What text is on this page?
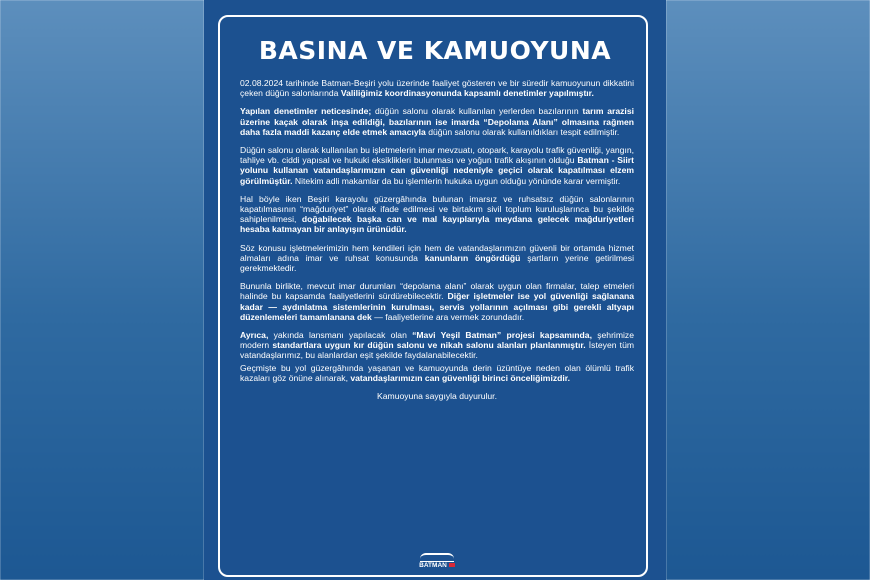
BASINA VE KAMUOYUNA

02.08.2024 tarihinde Batman-Beşiri yolu üzerinde faaliyet gösteren ve bir süredir kamuoyunun dikkatini çeken düğün salonlarında Valiliğimiz koordinasyonunda kapsamlı denetimler yapılmıştır.

Yapılan denetimler neticesinde; düğün salonu olarak kullanılan yerlerden bazılarının tarım arazisi üzerine kaçak olarak inşa edildiği, bazılarının ise imarda “Depolama Alanı” olmasına rağmen daha fazla maddi kazanç elde etmek amacıyla düğün salonu olarak kullanıldıkları tespit edilmiştir.

Düğün salonu olarak kullanılan bu işletmelerin imar mevzuatı, otopark, karayolu trafik güvenliği, yangın, tahliye vb. ciddi yapısal ve hukuki eksiklikleri bulunması ve yoğun trafik akışının olduğu Batman - Siirt yolunu kullanan vatandaşlarımızın can güvenliği nedeniyle geçici olarak kapatılması elzem görülmüştür. Nitekim adli makamlar da bu işlemlerin hukuka uygun olduğu yönünde karar vermiştir.

Hal böyle iken Beşiri karayolu güzergâhında bulunan imarsız ve ruhsatsız düğün salonlarının kapatılmasının “mağduriyet” olarak ifade edilmesi ve birtakım sivil toplum kuruluşlarınca bu şekilde sahiplenilmesi, doğabilecek başka can ve mal kayıplarıyla meydana gelecek mağduriyetleri hesaba katmayan bir anlayışın ürünüdür.

Söz konusu işletmelerimizin hem kendileri için hem de vatandaşlarımızın güvenli bir ortamda hizmet almaları adına imar ve ruhsat konusunda kanunların öngördüğü şartların yerine getirilmesi gerekmektedir.

Bununla birlikte, mevcut imar durumları “depolama alanı” olarak uygun olan firmalar, talep etmeleri halinde bu kapsamda faaliyetlerini sürdürebilecektir. Diğer işletmeler ise yol güvenliği sağlanana kadar — aydınlatma sistemlerinin kurulması, servis yollarının açılması gibi gerekli altyapı düzenlemeleri tamamlanana dek — faaliyetlerine ara vermek zorundadır.

Ayrıca, yakında lansmanı yapılacak olan “Mavi Yeşil Batman” projesi kapsamında, şehrimize modern standartlara uygun kır düğün salonu ve nikah salonu alanları planlanmıştır. İsteyen tüm vatandaşlarımız, bu alanlardan eşit şekilde faydalanabilecektir.

Geçmişte bu yol güzergâhında yaşanan ve kamuoyunda derin üzüntüye neden olan ölümlü trafik kazaları göz önüne alınarak, vatandaşlarımızın can güvenliği birinci önceliğimizdir.

Kamuoyuna saygıyla duyurulur.

BATMAN
